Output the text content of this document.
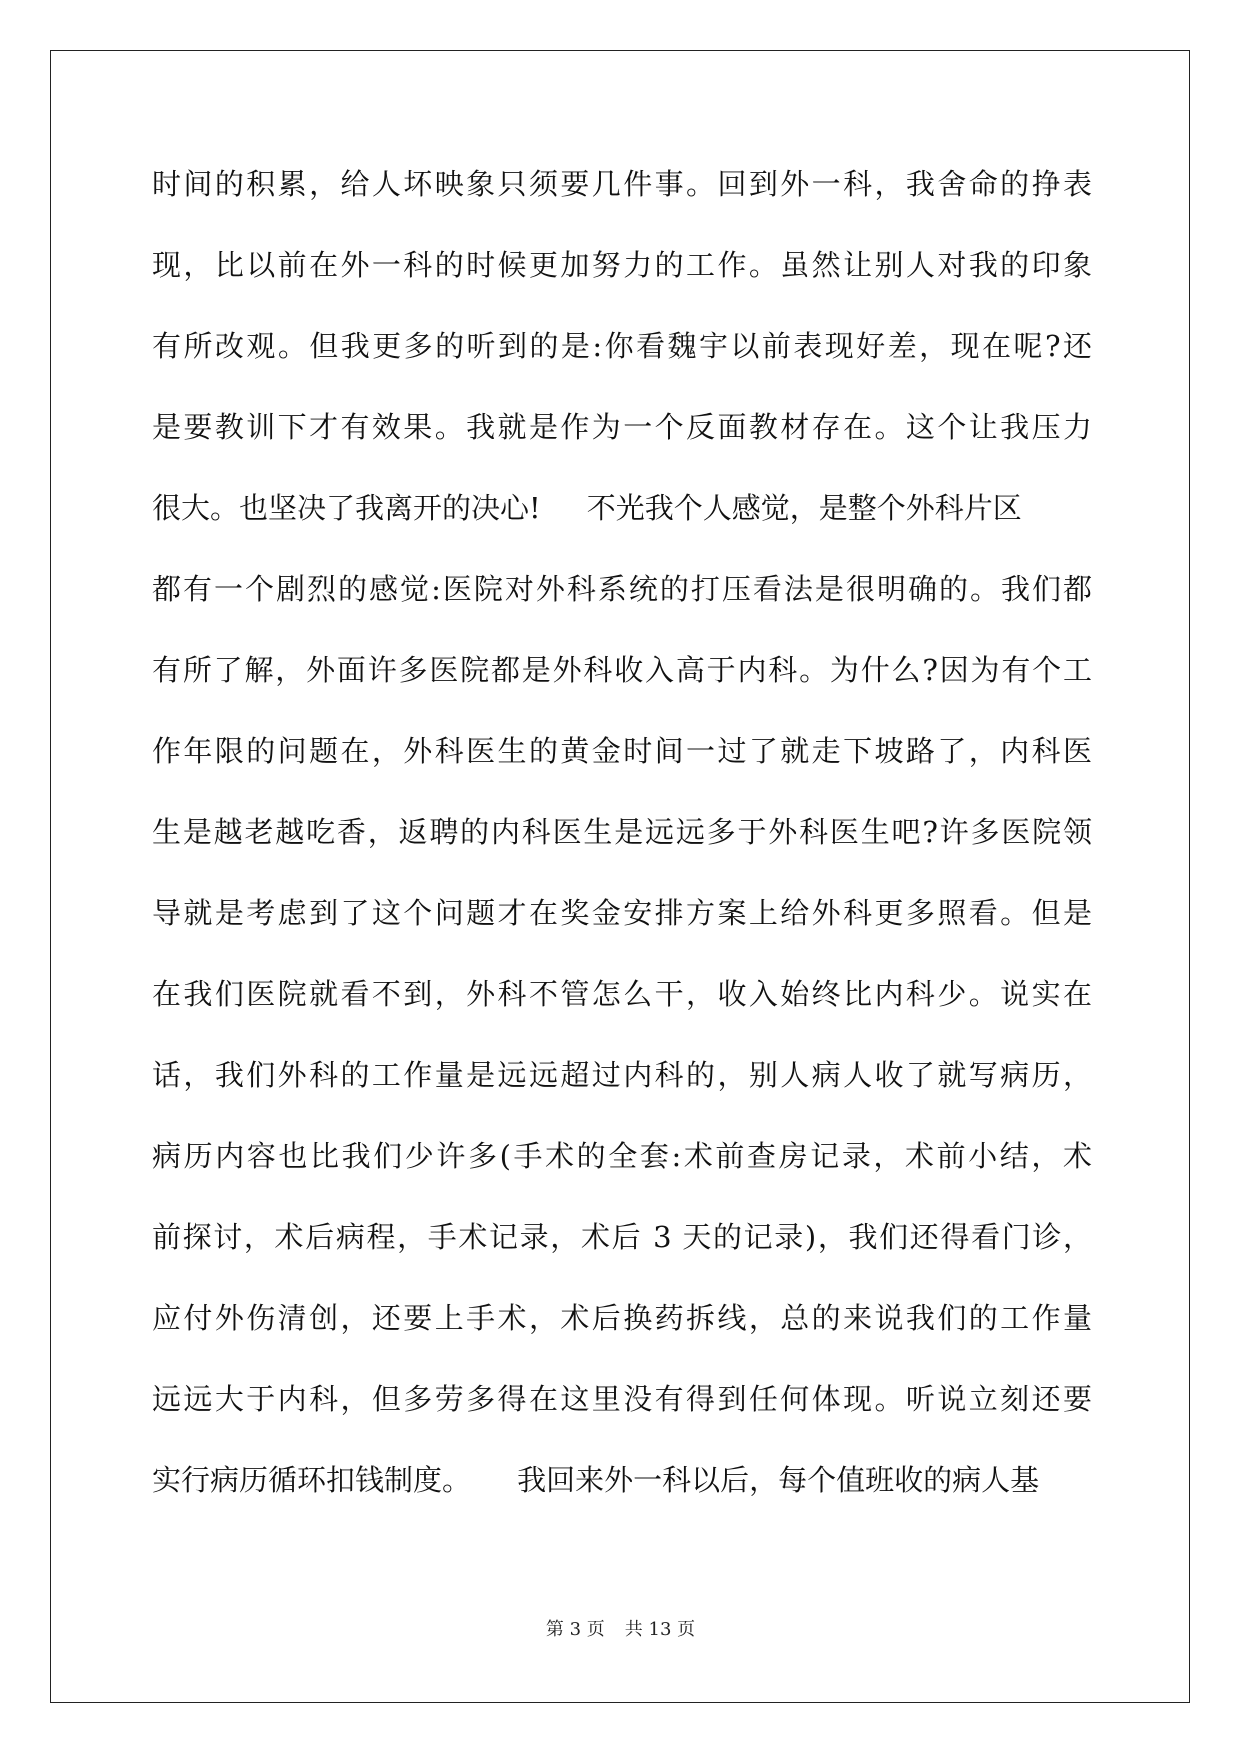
时间的积累，给人坏映象只须要几件事。回到外一科，我舍命的挣表
现，比以前在外一科的时候更加努力的工作。虽然让别人对我的印象
有所改观。但我更多的听到的是:你看魏宇以前表现好差，现在呢?还
是要教训下才有效果。我就是作为一个反面教材存在。这个让我压力
很大。也坚决了我离开的决心!     不光我个人感觉，是整个外科片区
都有一个剧烈的感觉:医院对外科系统的打压看法是很明确的。我们都
有所了解，外面许多医院都是外科收入高于内科。为什么?因为有个工
作年限的问题在，外科医生的黄金时间一过了就走下坡路了，内科医
生是越老越吃香，返聘的内科医生是远远多于外科医生吧?许多医院领
导就是考虑到了这个问题才在奖金安排方案上给外科更多照看。但是
在我们医院就看不到，外科不管怎么干，收入始终比内科少。说实在
话，我们外科的工作量是远远超过内科的，别人病人收了就写病历，
病历内容也比我们少许多(手术的全套:术前查房记录，术前小结，术
前探讨，术后病程，手术记录，术后 3 天的记录)，我们还得看门诊，
应付外伤清创，还要上手术，术后换药拆线，总的来说我们的工作量
远远大于内科，但多劳多得在这里没有得到任何体现。听说立刻还要
实行病历循环扣钱制度。     我回来外一科以后，每个值班收的病人基
第 3 页 共 13 页
